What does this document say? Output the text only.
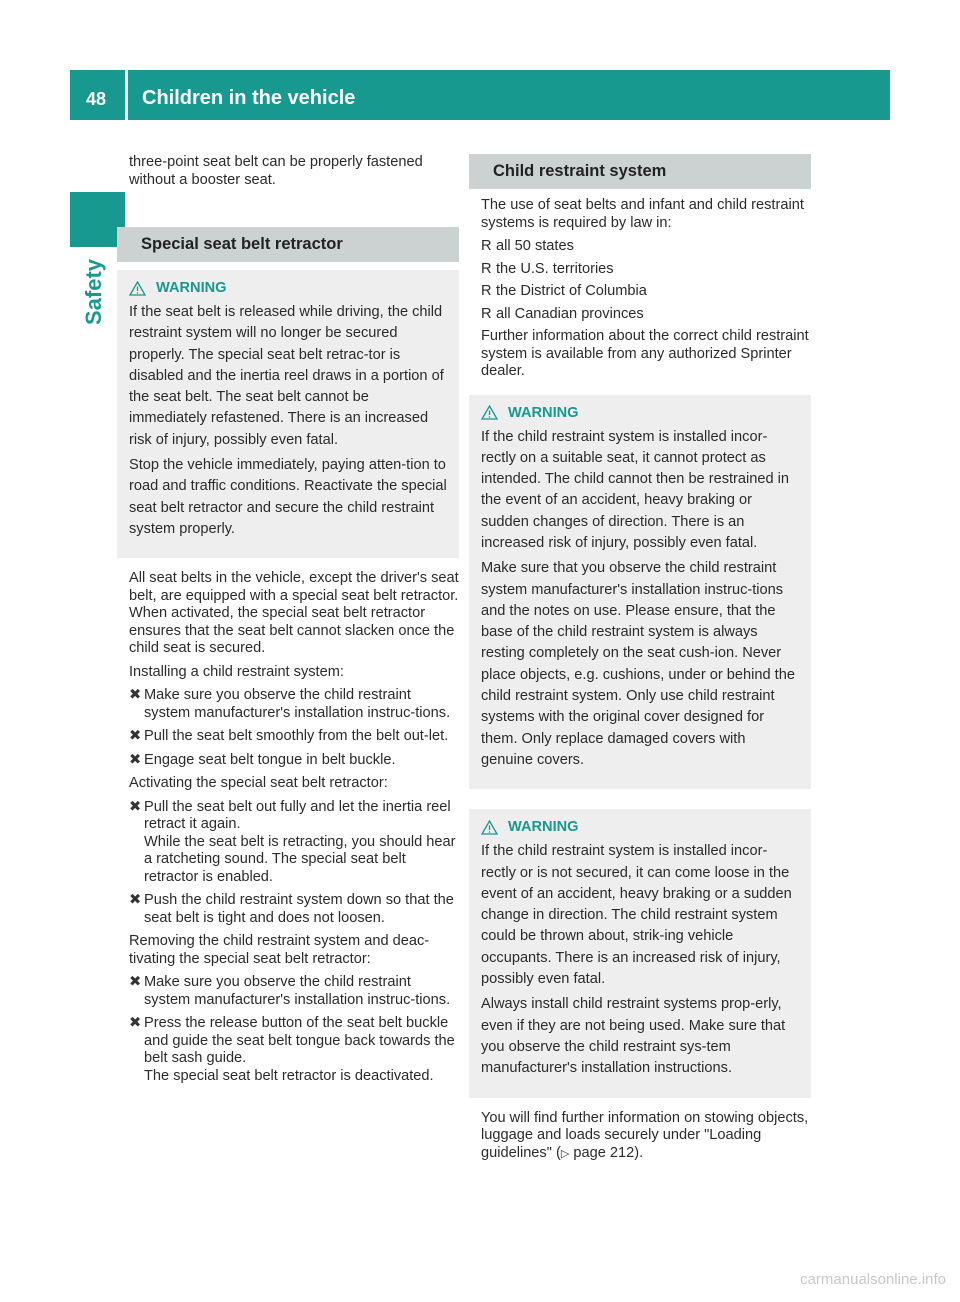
48 Children in the vehicle
Safety

three-point seat belt can be properly fastened without a booster seat.

Special seat belt retractor
WARNING

If the seat belt is released while driving, the child restraint system will no longer be secured properly. The special seat belt retrac-tor is disabled and the inertia reel draws in a portion of the seat belt. The seat belt cannot be immediately refastened. There is an increased risk of injury, possibly even fatal.

Stop the vehicle immediately, paying atten-tion to road and traffic conditions. Reactivate the special seat belt retractor and secure the child restraint system properly.

All seat belts in the vehicle, except the driver's seat belt, are equipped with a special seat belt retractor. When activated, the special seat belt retractor ensures that the seat belt cannot slacken once the child seat is secured.

Installing a child restraint system:

✖ Make sure you observe the child restraint system manufacturer's installation instruc-tions.
✖ Pull the seat belt smoothly from the belt out-let.
✖ Engage seat belt tongue in belt buckle.

Activating the special seat belt retractor:

✖ Pull the seat belt out fully and let the inertia reel retract it again.
While the seat belt is retracting, you should hear a ratcheting sound. The special seat belt retractor is enabled.
✖ Push the child restraint system down so that the seat belt is tight and does not loosen.

Removing the child restraint system and deac-tivating the special seat belt retractor:

✖ Make sure you observe the child restraint system manufacturer's installation instruc-tions.
✖ Press the release button of the seat belt buckle and guide the seat belt tongue back towards the belt sash guide.
The special seat belt retractor is deactivated.
Child restraint system

The use of seat belts and infant and child restraint systems is required by law in:

R all 50 states
R the U.S. territories
R the District of Columbia
R all Canadian provinces

Further information about the correct child restraint system is available from any authorized Sprinter dealer.

WARNING

If the child restraint system is installed incor-rectly on a suitable seat, it cannot protect as intended. The child cannot then be restrained in the event of an accident, heavy braking or sudden changes of direction. There is an increased risk of injury, possibly even fatal.

Make sure that you observe the child restraint system manufacturer's installation instruc-tions and the notes on use. Please ensure, that the base of the child restraint system is always resting completely on the seat cush-ion. Never place objects, e.g. cushions, under or behind the child restraint system. Only use child restraint systems with the original cover designed for them. Only replace damaged covers with genuine covers.

WARNING

If the child restraint system is installed incor-rectly or is not secured, it can come loose in the event of an accident, heavy braking or a sudden change in direction. The child restraint system could be thrown about, strik-ing vehicle occupants. There is an increased risk of injury, possibly even fatal.

Always install child restraint systems prop-erly, even if they are not being used. Make sure that you observe the child restraint sys-tem manufacturer's installation instructions.

You will find further information on stowing objects, luggage and loads securely under "Loading guidelines" (▷ page 212).

carmanualsonline.info
